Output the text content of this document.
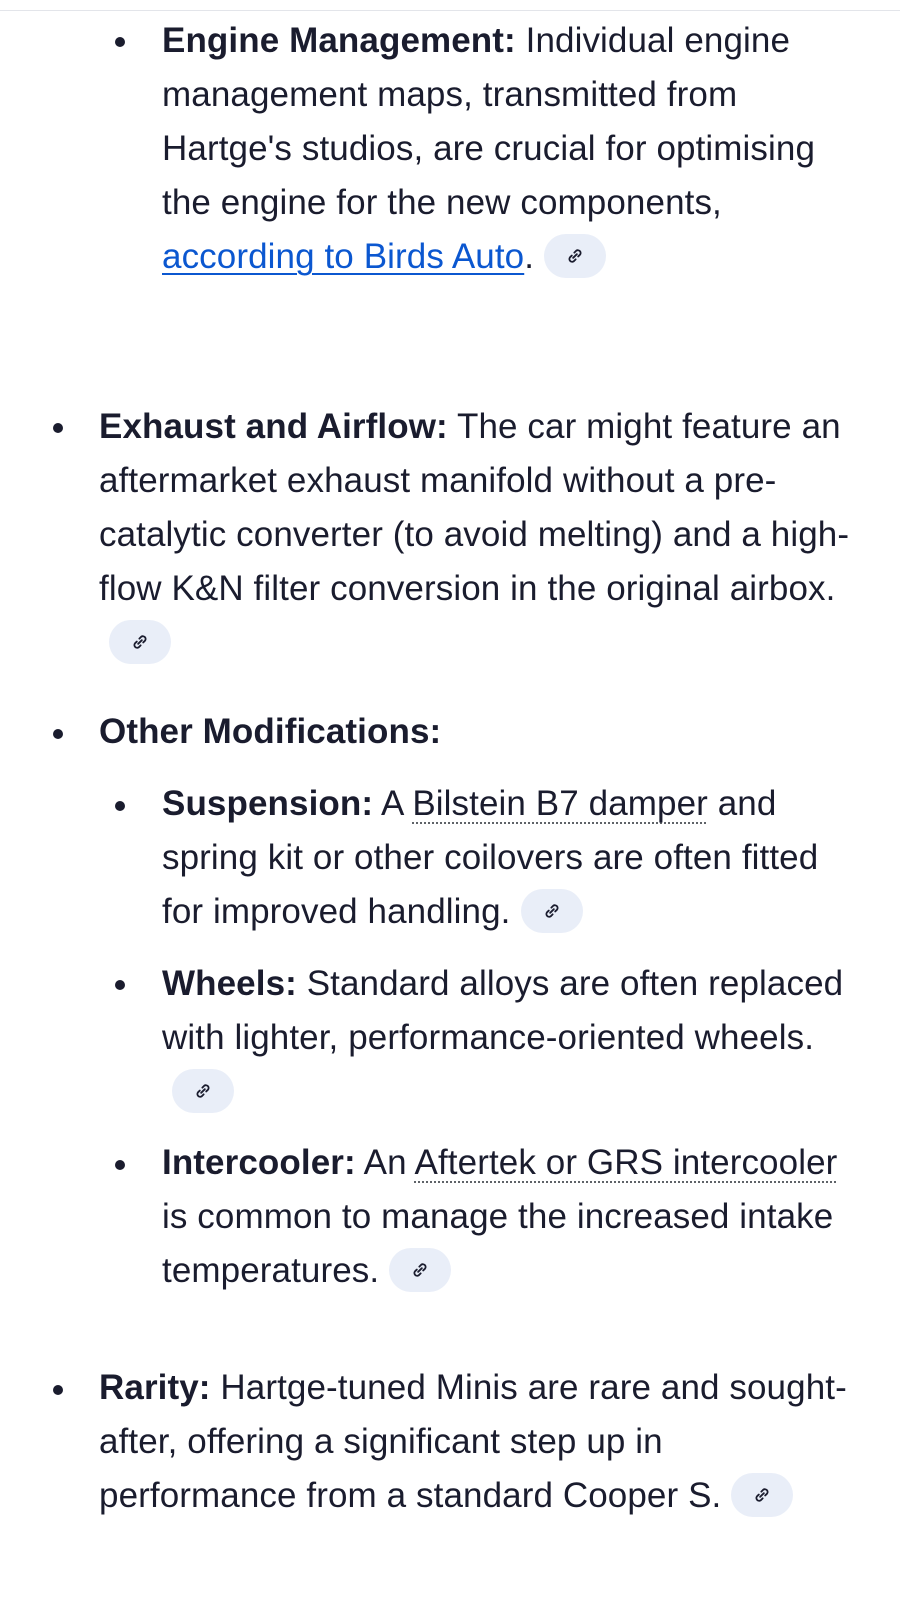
Engine Management: Individual engine management maps, transmitted from Hartge's studios, are crucial for optimising the engine for the new components, according to Birds Auto.

Exhaust and Airflow: The car might feature an aftermarket exhaust manifold without a pre-catalytic converter (to avoid melting) and a high-flow K&N filter conversion in the original airbox.

Other Modifications:

Suspension: A Bilstein B7 damper and spring kit or other coilovers are often fitted for improved handling.

Wheels: Standard alloys are often replaced with lighter, performance-oriented wheels.

Intercooler: An Aftertek or GRS intercooler is common to manage the increased intake temperatures.

Rarity: Hartge-tuned Minis are rare and sought-after, offering a significant step up in performance from a standard Cooper S.
